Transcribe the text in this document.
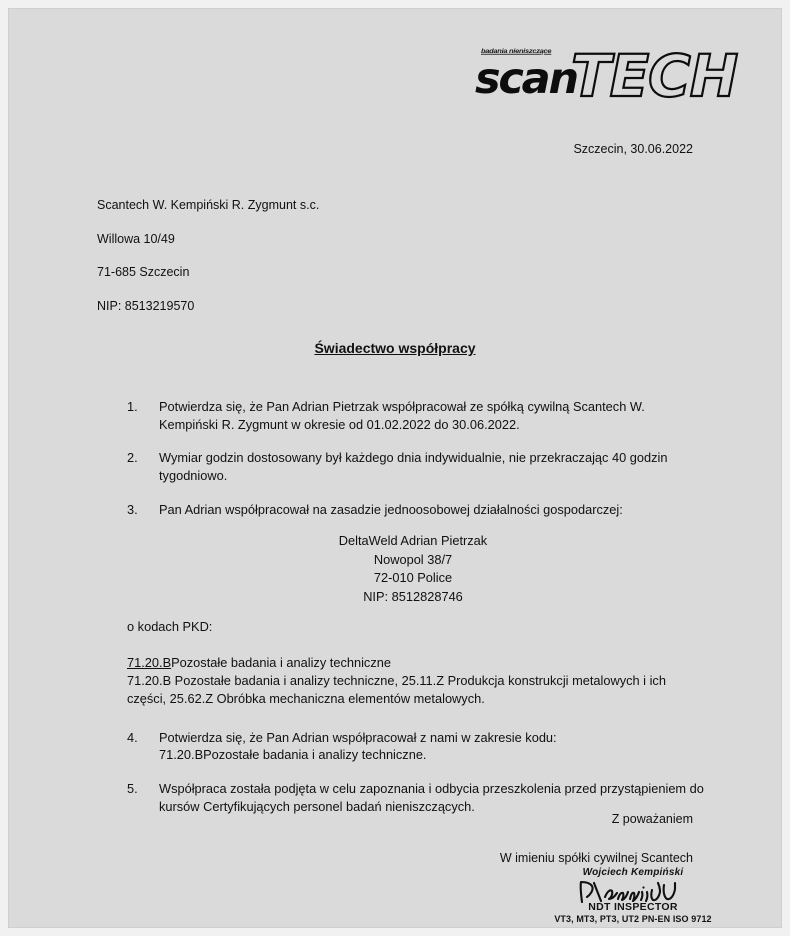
badania nieniszczące
scan
TECH
Szczecin, 30.06.2022
Scantech W. Kempiński R. Zygmunt s.c.
Willowa 10/49
71-685 Szczecin
NIP: 8513219570
Świadectwo współpracy
1. Potwierdza się, że Pan Adrian Pietrzak współpracował ze spółką cywilną Scantech W. Kempiński R. Zygmunt w okresie od 01.02.2022 do 30.06.2022.
2. Wymiar godzin dostosowany był każdego dnia indywidualnie, nie przekraczając 40 godzin tygodniowo.
3. Pan Adrian współpracował na zasadzie jednoosobowej działalności gospodarczej:
DeltaWeld Adrian Pietrzak
Nowopol 38/7
72-010 Police
NIP: 8512828746
o kodach PKD:
71.20.BPozostałe badania i analizy techniczne
71.20.B Pozostałe badania i analizy techniczne, 25.11.Z Produkcja konstrukcji metalowych i ich części, 25.62.Z Obróbka mechaniczna elementów metalowych.
4. Potwierdza się, że Pan Adrian współpracował z nami w zakresie kodu:
71.20.BPozostałe badania i analizy techniczne.
5. Współpraca została podjęta w celu zapoznania i odbycia przeszkolenia przed przystąpieniem do kursów Certyfikujących personel badań nieniszczących.
Z poważaniem
W imieniu spółki cywilnej Scantech
Wojciech Kempiński
NDT INSPECTOR
VT3, MT3, PT3, UT2 PN-EN ISO 9712
